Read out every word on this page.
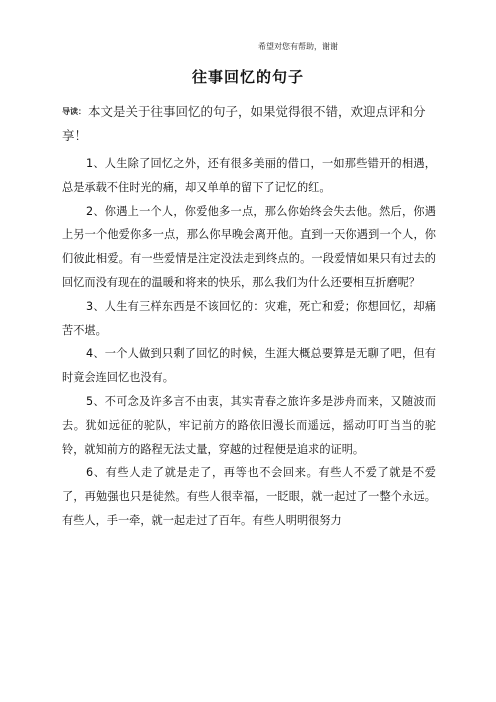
希望对您有帮助，谢谢
往事回忆的句子
导读： 本文是关于往事回忆的句子，如果觉得很不错，欢迎点评和分享！

1、人生除了回忆之外，还有很多美丽的借口，一如那些错开的相遇，总是承载不住时光的痛，却又单单的留下了记忆的红。

2、你遇上一个人，你爱他多一点，那么你始终会失去他。然后，你遇上另一个他爱你多一点，那么你早晚会离开他。直到一天你遇到一个人，你们彼此相爱。有一些爱情是注定没法走到终点的。一段爱情如果只有过去的回忆而没有现在的温暖和将来的快乐，那么我们为什么还要相互折磨呢？

3、人生有三样东西是不该回忆的：灾难，死亡和爱；你想回忆，却痛苦不堪。

4、一个人做到只剩了回忆的时候，生涯大概总要算是无聊了吧，但有时竟会连回忆也没有。

5、不可念及许多言不由衷，其实青春之旅许多是涉舟而来，又随波而去。犹如远征的驼队，牢记前方的路依旧漫长而遥远，摇动叮叮当当的驼铃，就知前方的路程无法丈量，穿越的过程便是追求的证明。

6、有些人走了就是走了，再等也不会回来。有些人不爱了就是不爱了，再勉强也只是徒然。有些人很幸福，一眨眼，就一起过了一整个永远。有些人，手一牵，就一起走过了百年。有些人明明很努力
